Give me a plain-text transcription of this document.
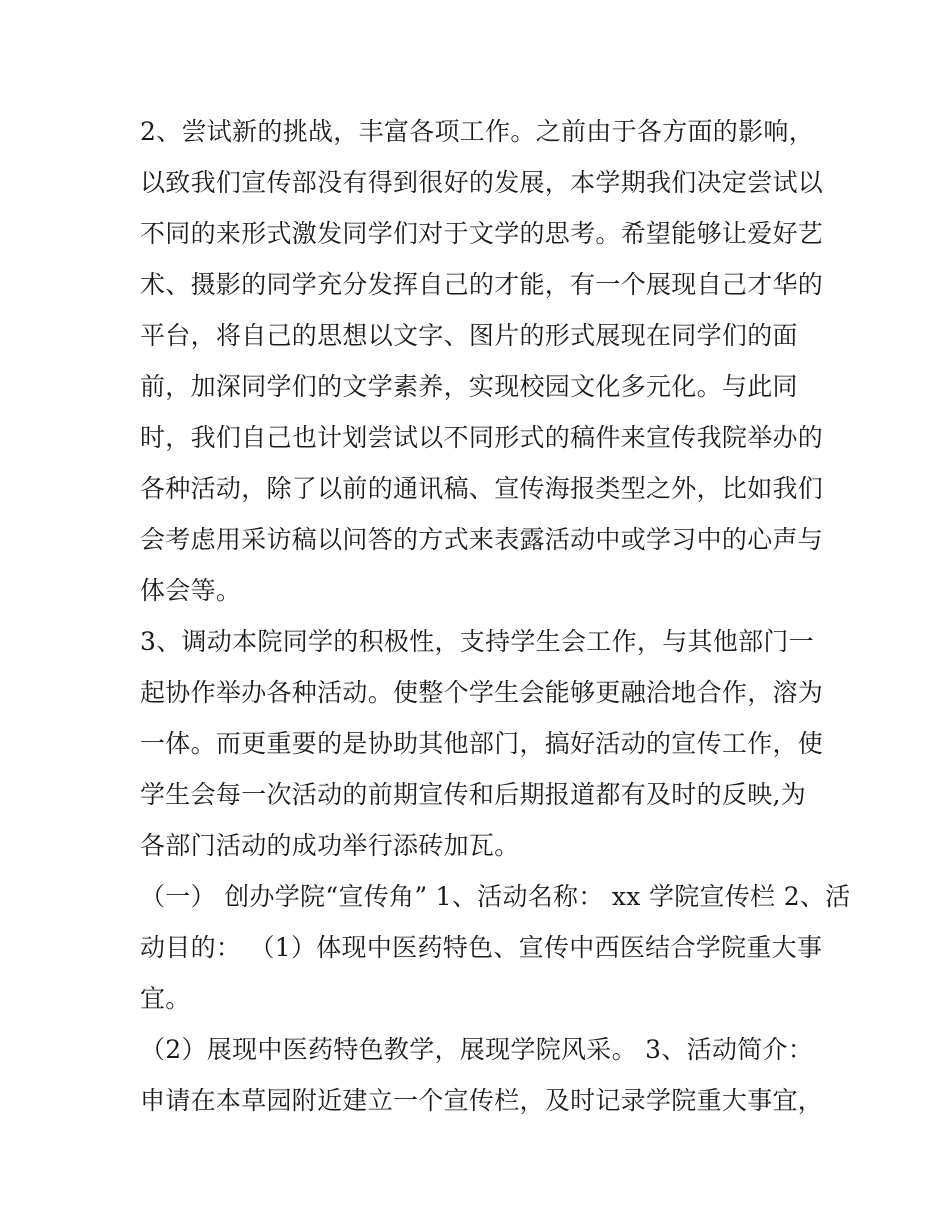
2、尝试新的挑战，丰富各项工作。之前由于各方面的影响，
以致我们宣传部没有得到很好的发展，本学期我们决定尝试以
不同的来形式激发同学们对于文学的思考。希望能够让爱好艺
术、摄影的同学充分发挥自己的才能，有一个展现自己才华的
平台，将自己的思想以文字、图片的形式展现在同学们的面
前，加深同学们的文学素养，实现校园文化多元化。与此同
时，我们自己也计划尝试以不同形式的稿件来宣传我院举办的
各种活动，除了以前的通讯稿、宣传海报类型之外，比如我们
会考虑用采访稿以问答的方式来表露活动中或学习中的心声与
体会等。
3、调动本院同学的积极性，支持学生会工作，与其他部门一
起协作举办各种活动。使整个学生会能够更融洽地合作，溶为
一体。而更重要的是协助其他部门，搞好活动的宣传工作，使
学生会每一次活动的前期宣传和后期报道都有及时的反映,为
各部门活动的成功举行添砖加瓦。
（一） 创办学院“宣传角” 1、活动名称： xx 学院宣传栏 2、活
动目的： （1）体现中医药特色、宣传中西医结合学院重大事
宜。
（2）展现中医药特色教学，展现学院风采。 3、活动简介：
申请在本草园附近建立一个宣传栏，及时记录学院重大事宜，
